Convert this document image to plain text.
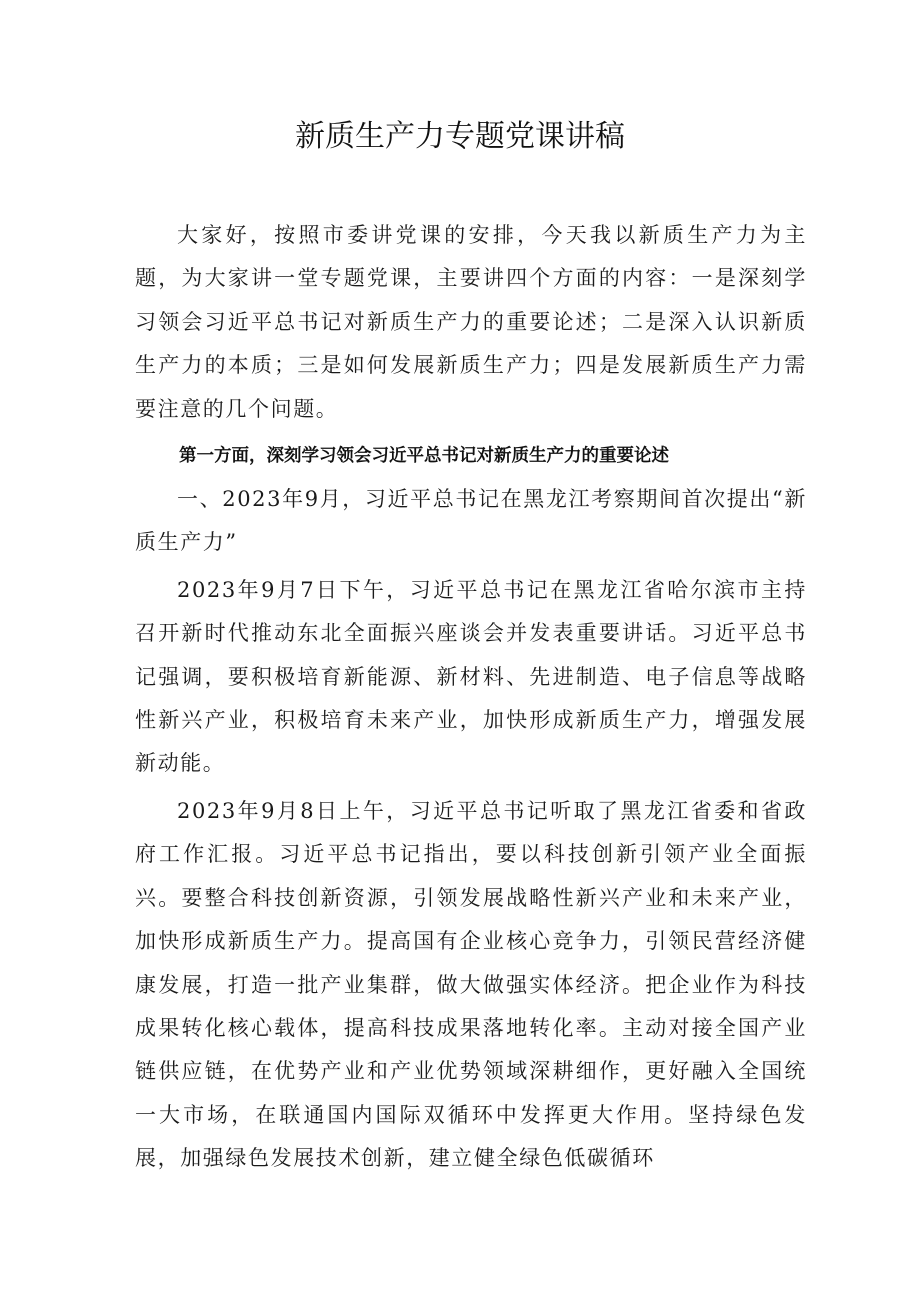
新质生产力专题党课讲稿

大家好，按照市委讲党课的安排，今天我以新质生产力为主题，为大家讲一堂专题党课，主要讲四个方面的内容：一是深刻学习领会习近平总书记对新质生产力的重要论述；二是深入认识新质生产力的本质；三是如何发展新质生产力；四是发展新质生产力需要注意的几个问题。

第一方面，深刻学习领会习近平总书记对新质生产力的重要论述

一、2023年9月，习近平总书记在黑龙江考察期间首次提出“新质生产力”

2023年9月7日下午，习近平总书记在黑龙江省哈尔滨市主持召开新时代推动东北全面振兴座谈会并发表重要讲话。习近平总书记强调，要积极培育新能源、新材料、先进制造、电子信息等战略性新兴产业，积极培育未来产业，加快形成新质生产力，增强发展新动能。

2023年9月8日上午，习近平总书记听取了黑龙江省委和省政府工作汇报。习近平总书记指出，要以科技创新引领产业全面振兴。要整合科技创新资源，引领发展战略性新兴产业和未来产业，加快形成新质生产力。提高国有企业核心竞争力，引领民营经济健康发展，打造一批产业集群，做大做强实体经济。把企业作为科技成果转化核心载体，提高科技成果落地转化率。主动对接全国产业链供应链，在优势产业和产业优势领域深耕细作，更好融入全国统一大市场，在联通国内国际双循环中发挥更大作用。坚持绿色发展，加强绿色发展技术创新，建立健全绿色低碳循环
